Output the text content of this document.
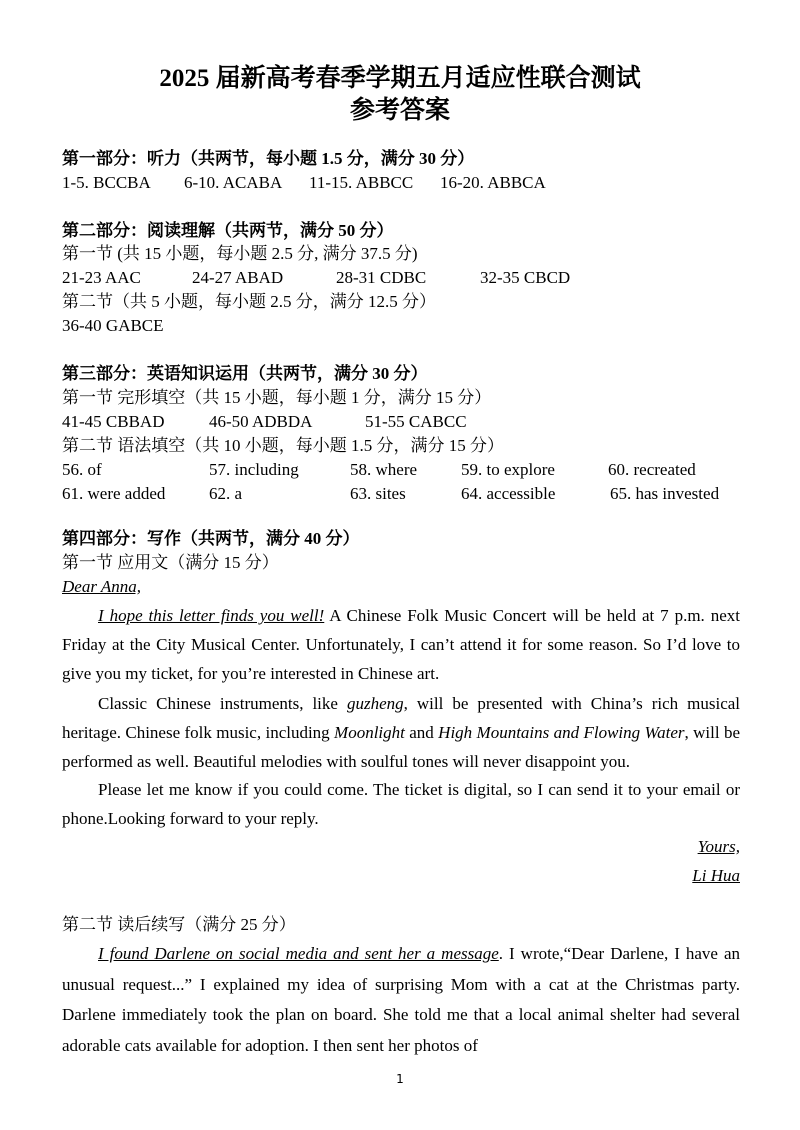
2025 届新高考春季学期五月适应性联合测试
参考答案
第一部分：听力（共两节，每小题 1.5 分，满分 30 分）
1-5. BCCBA 6-10. ACABA 11-15. ABBCC 16-20. ABBCA
第二部分：阅读理解（共两节，满分 50 分）
第一节 (共 15 小题，每小题 2.5 分, 满分 37.5 分)
21-23 AAC	24-27 ABAD	28-31 CDBC	32-35 CBCD
第二节（共 5 小题，每小题 2.5 分，满分 12.5 分）
36-40 GABCE
第三部分：英语知识运用（共两节，满分 30 分）
第一节 完形填空（共 15 小题，每小题 1 分，满分 15 分）
41-45 CBBAD	46-50 ADBDA	51-55 CABCC
第二节 语法填空（共 10 小题，每小题 1.5 分，满分 15 分）
56. of	57. including	58. where	59. to explore	60. recreated
61. were added	62. a	63. sites	64. accessible	65. has invested
第四部分：写作（共两节，满分 40 分）
第一节 应用文（满分 15 分）
Dear Anna,
I hope this letter finds you well! A Chinese Folk Music Concert will be held at 7 p.m. next Friday at the City Musical Center. Unfortunately, I can’t attend it for some reason. So I’d love to give you my ticket, for you’re interested in Chinese art.
Classic Chinese instruments, like guzheng, will be presented with China’s rich musical heritage. Chinese folk music, including Moonlight and High Mountains and Flowing Water, will be performed as well. Beautiful melodies with soulful tones will never disappoint you.
Please let me know if you could come. The ticket is digital, so I can send it to your email or phone.Looking forward to your reply.
Yours,
Li Hua
第二节 读后续写（满分 25 分）
I found Darlene on social media and sent her a message. I wrote,“Dear Darlene, I have an unusual request...” I explained my idea of surprising Mom with a cat at the Christmas party. Darlene immediately took the plan on board. She told me that a local animal shelter had several adorable cats available for adoption. I then sent her photos of
1
